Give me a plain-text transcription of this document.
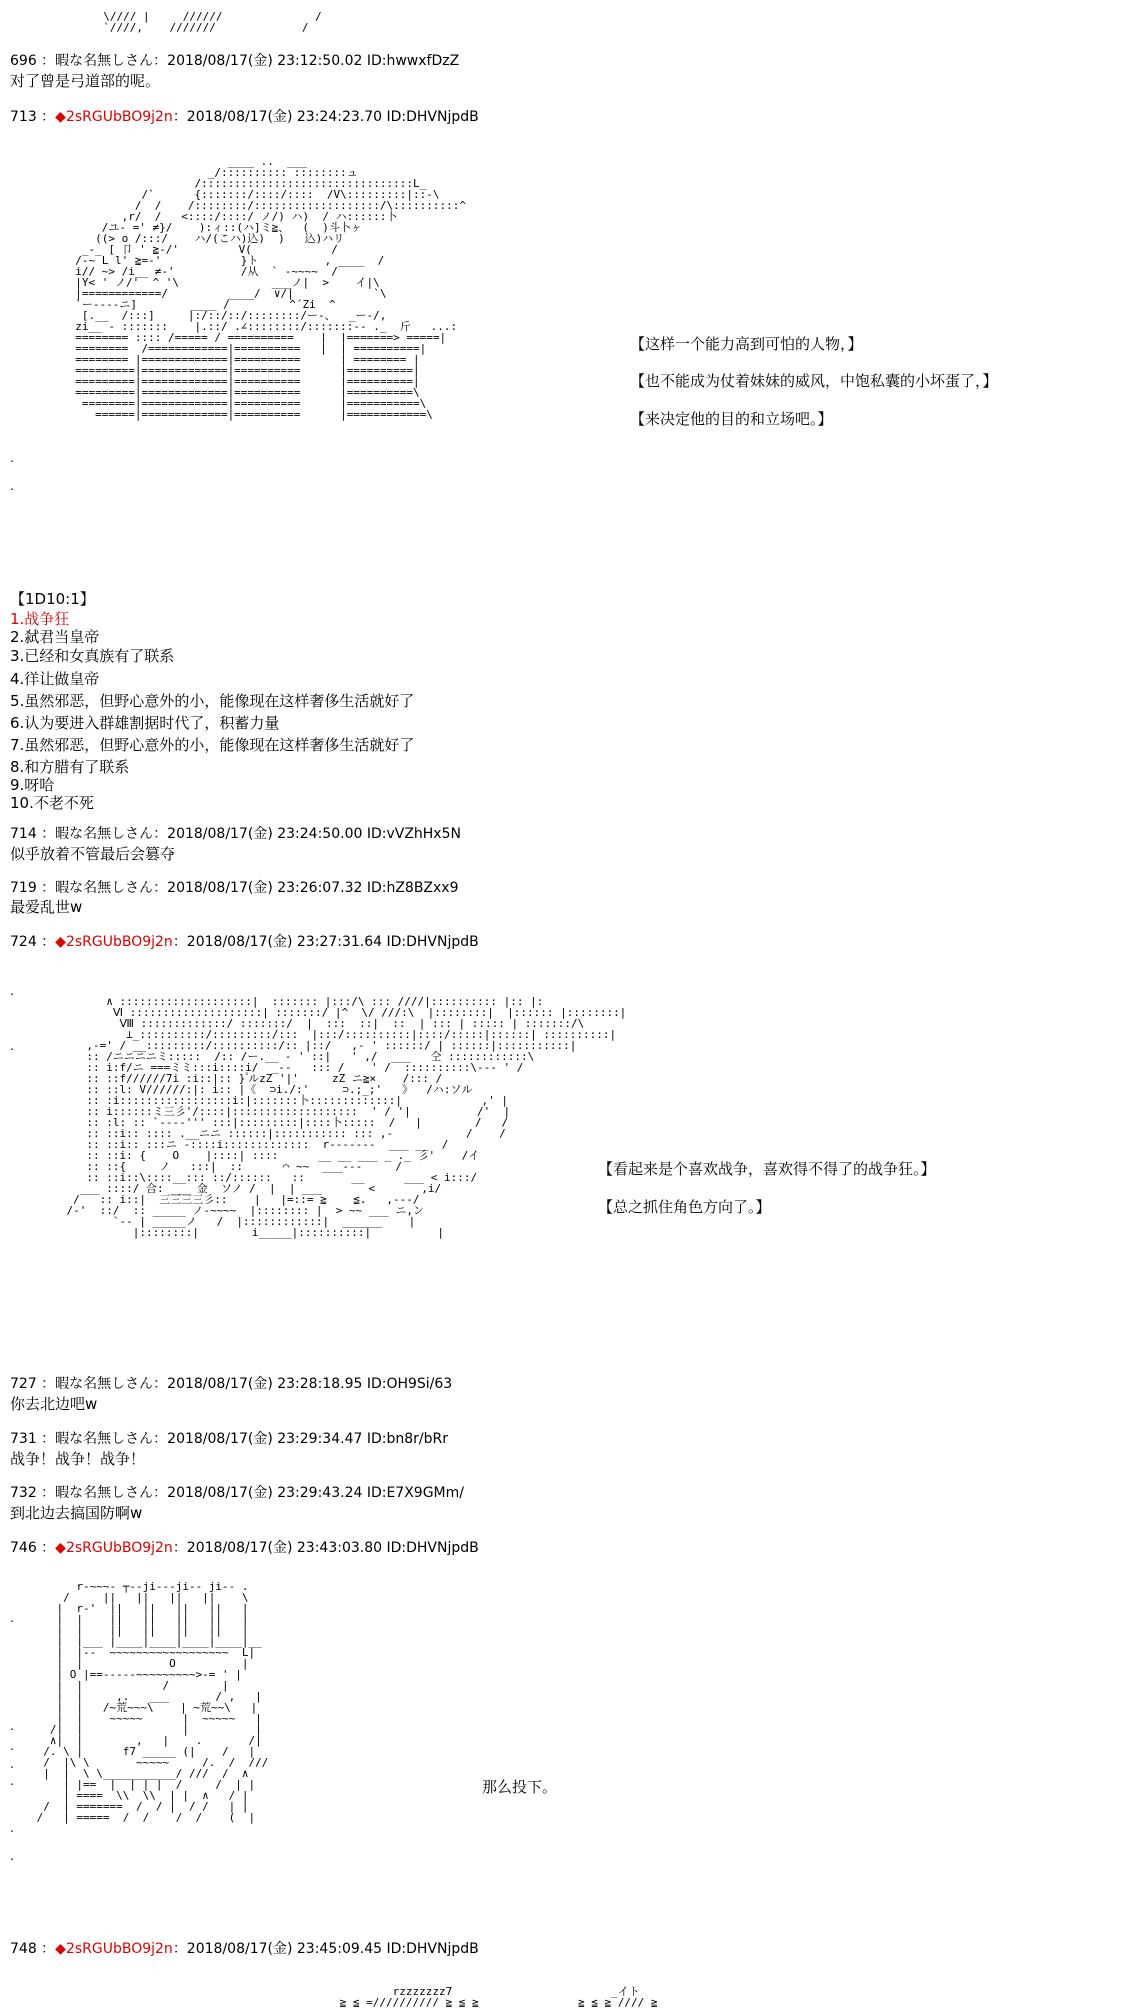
\//// |     //////              /
`////,    ///////             /
696 ：暇な名無しさん：2018/08/17(金) 23:12:50.02 ID:hwwxfDzZ
对了曾是弓道部的呢。
713 ：◆2sRGUbBO9j2n：2018/08/17(金) 23:24:23.70 ID:DHVNjpdB
____ ..  ___
_/:::::::::: ::::::::ュ
/::::::::::::::::::::::::::::::::L_
/`      {:::::::/::::/::::  /V\:::::::::|::-\
/  /    /::::::::/:::::::::::::::::::/\::::::::::^
,r/  /   <::::/::::/ ノ/) ハ)  / ハ::::::卜
/ユ- =' ≠}/    ):ィ::(ハ]ミ≧、  (  )斗卜ヶ
((> o /:::/    ハ/(こハ)込)  )   込)ハリ
_-_ [ 卩 ' ≧-/'         V(            /
/-~ L l' ≧=-'            }ト          , ____  /
i// ~> /i__ ≠-'          /从  ` -~~~~  /
|Y< ' ノ/'  ^ '\              ___ノ|  >    イ|\
|============/         ____/  ∨/|            `\
`ー----ニ]        ____ /         ^´Zi  ^
[.__  /:::]     |:/::/::/::::::::/ー-、  _ー-/,
zi__ - :::::::    |.::/ .∠::::::::/:::::::-- ._  斤   ...:
======== :::: /===== / ==========    |  |=======> =====|
========  /============|==========   |  | ==========|
======== |=============|==========      | ======== |
=========|=============|==========      |==========|
=========|=============|==========      |==========|
=========|=============|==========      |==========\
========|=============|==========      |===========\
======|=============|==========      |============\
.
.
【这样一个能力高到可怕的人物，】
【也不能成为仗着妹妹的威风，中饱私囊的小坏蛋了，】
【来决定他的目的和立场吧。】
【1D10:1】
1.战争狂
2.弑君当皇帝
3.已经和女真族有了联系
4.徉让做皇帝
5.虽然邪恶，但野心意外的小，能像现在这样奢侈生活就好了
6.认为要进入群雄割据时代了，积蓄力量
7.虽然邪恶，但野心意外的小，能像现在这样奢侈生活就好了
8.和方腊有了联系
9.呀哈
10.不老不死
714 ：暇な名無しさん：2018/08/17(金) 23:24:50.00 ID:vVZhHx5N
似乎放着不管最后会篡夺
719 ：暇な名無しさん：2018/08/17(金) 23:26:07.32 ID:hZ8BZxx9
最爱乱世w
724 ：◆2sRGUbBO9j2n：2018/08/17(金) 23:27:31.64 ID:DHVNjpdB
.
.
∧ ::::::::::::::::::::|  ::::::: |:::/\ ::: ////|:::::::::: |:: |:
Ⅵ ::::::::::::::::::::| :::::::/ |^  \/ ///:\  |::::::::|  |:::::: |::::::::|
Ⅷ :::::::::::::/ :::::::/  |  :::  ::|  ::  | ::: | ::::: | :::::::/\
⊥_::::::::::/:::::::::/:::  |:::/::::::::::|::::/:::::|::::::| ::::::::::|
,-=' / __:::::::::/::::::::::/:: |::/   ,- ' ::::::/ | ::::::|:::::::::::|
:: /ニニニニミ:::::  /:: /ー.__ - ' ::|   ' ,/  ___   仝 ::::::::::::\
:: i:f/ニ ===ミミ:::i::::i/  _--   ::: /    ' /  ::::::::::\--- ' /
:: ::f//////7i :i::|:: } ゚ルzZ '|'     zZ ニ≧×    /::: /
:: ::l: V//////:|: i:: |《  ⊃i./:'     ⊃.;_;'   》  /ハ:ソル
:: :i:::::::::::::::::i:|:::::::卜:::::::::::::|            ,' |
:: i::::::ミ三彡'/::::|:::::::::::::::::::  ' / '|          /'  |
:: :l: :: `----''' :::|:::::::::|::::卜:::::  /   |        /   /
:: ::i:: :::: .__ニニ ::::::|::::::::::: ::: ,-           /    /
:: ::i:: :::ニ -::::i:::::::::::::  r-------  ___ __  /
:: ::i: {    O    |::::| ::::      __ __ ___ _ ._ 彡'    /イ
:: ::{     ノ   :::|  ::      ⌒ ~~  ___---     /
:: ::i::\::::__::: ::/::::::   ::       __      ___ < i:::/
___ ::::/ 合: ___ 金  ソノ /  |  | ___       <       ,i/
/   :: i::|  三三三三彡::    |   |=::= ≧    ≦.   ,---/
/-'  ::/  :: _____ ノ-~~~~  |:::::::: |  > ~~ ___ ニ,ン
`-- | _____ノ   /  |::::::::::::|  ______    |
|::::::::|        i_____|::::::::::|          |
【看起来是个喜欢战争，喜欢得不得了的战争狂。】
【总之抓住角色方向了。】
727 ：暇な名無しさん：2018/08/17(金) 23:28:18.95 ID:OH9Si/63
你去北边吧w
731 ：暇な名無しさん：2018/08/17(金) 23:29:34.47 ID:bn8r/bRr
战争！战争！战争！
732 ：暇な名無しさん：2018/08/17(金) 23:29:43.24 ID:E7X9GMm/
到北边去搞国防啊w
746 ：◆2sRGUbBO9j2n：2018/08/17(金) 23:43:03.80 ID:DHVNjpdB
.
.
.
.
.
.
.
r-~~~- ┬--ji---ji-- ji-- .
/     ||   ||   ||   ||    \
|  r-'  ||   ||   ||   ||   |
|  |    ||   ||   ||   ||   |
|  |    ||   ||   ||   ||   |
|  |___ |____|____|____|____|__
|  |--  ~~~~~~~~~~~~~~~~~~  L|
|  |             O          |
| O |==-----~~~~~~~~~>-= ' |
|  |            /        |
|  |     ,.   ___       / ,   |
|  |   /~荒~~~\    | ~荒~~\   |
|  |    ~~~~~      |  ~~~~~   |
/|  |               |          |
∧|  |        ,   |    .       /|
/. \ |      f7 _____ (|    /   |
/  |\ \       ~~~~~     /.  /  ///
|  |  \ \___________/ ///  /  ∧
| |==  |  | | |  /     /  | |
| ====  \\  \\  | |  ∧   / |
/  | =======  /  / |  / /   | |
/   | =====  /  /    /  /    (  |
那么投下。
748 ：◆2sRGUbBO9j2n：2018/08/17(金) 23:45:09.45 ID:DHVNjpdB
rzzzzzzz7                        _イト
≧ ≦ =////////// ≧ ≦ ≧               ≧ ≦ ≧ //// ≧
